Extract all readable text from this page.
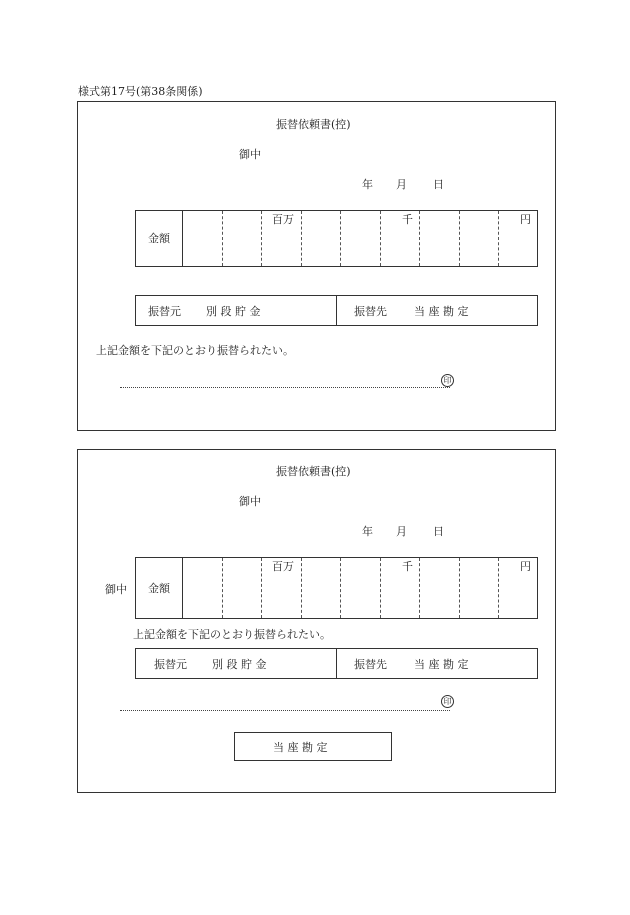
様式第17号(第38条関係)
振替依頼書(控)
御中
年 月 日
金額
百万	千	円
振替元 別 段 貯 金	振替先 当 座 勘 定
上記金額を下記のとおり振替られたい。
印
振替依頼書(控)
御中
年 月 日
御中 金額
百万	千	円
上記金額を下記のとおり振替られたい。
振替元 別 段 貯 金	振替先 当 座 勘 定
印
当 座 勘 定
